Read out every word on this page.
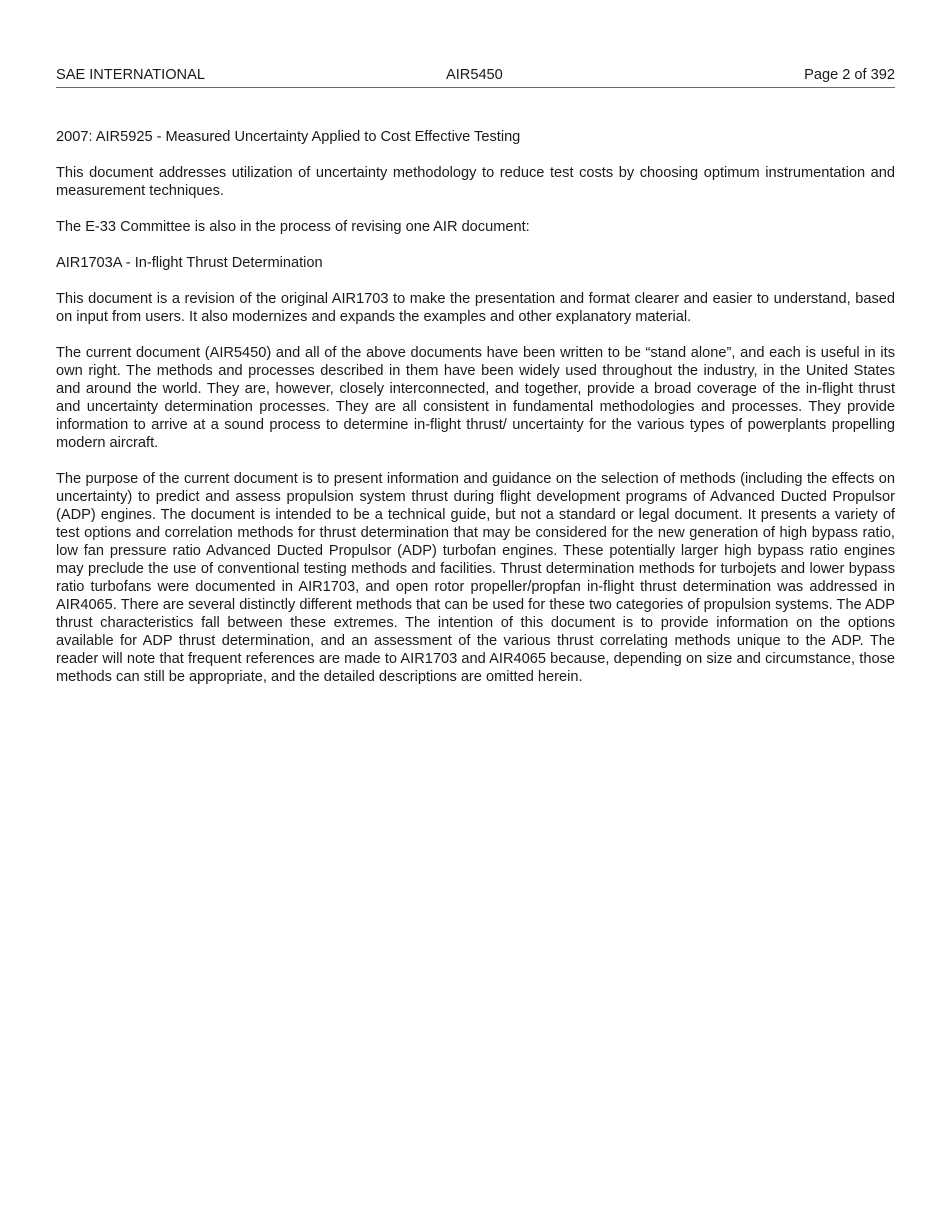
SAE INTERNATIONAL	AIR5450	Page 2 of 392

2007: AIR5925 - Measured Uncertainty Applied to Cost Effective Testing

This document addresses utilization of uncertainty methodology to reduce test costs by choosing optimum instrumentation and measurement techniques.

The E-33 Committee is also in the process of revising one AIR document:

AIR1703A - In-flight Thrust Determination

This document is a revision of the original AIR1703 to make the presentation and format clearer and easier to understand, based on input from users. It also modernizes and expands the examples and other explanatory material.

The current document (AIR5450) and all of the above documents have been written to be “stand alone”, and each is useful in its own right. The methods and processes described in them have been widely used throughout the industry, in the United States and around the world. They are, however, closely interconnected, and together, provide a broad coverage of the in-flight thrust and uncertainty determination processes. They are all consistent in fundamental methodologies and processes. They provide information to arrive at a sound process to determine in-flight thrust/ uncertainty for the various types of powerplants propelling modern aircraft.

The purpose of the current document is to present information and guidance on the selection of methods (including the effects on uncertainty) to predict and assess propulsion system thrust during flight development programs of Advanced Ducted Propulsor (ADP) engines. The document is intended to be a technical guide, but not a standard or legal document. It presents a variety of test options and correlation methods for thrust determination that may be considered for the new generation of high bypass ratio, low fan pressure ratio Advanced Ducted Propulsor (ADP) turbofan engines. These potentially larger high bypass ratio engines may preclude the use of conventional testing methods and facilities. Thrust determination methods for turbojets and lower bypass ratio turbofans were documented in AIR1703, and open rotor propeller/propfan in-flight thrust determination was addressed in AIR4065. There are several distinctly different methods that can be used for these two categories of propulsion systems. The ADP thrust characteristics fall between these extremes. The intention of this document is to provide information on the options available for ADP thrust determination, and an assessment of the various thrust correlating methods unique to the ADP. The reader will note that frequent references are made to AIR1703 and AIR4065 because, depending on size and circumstance, those methods can still be appropriate, and the detailed descriptions are omitted herein.
